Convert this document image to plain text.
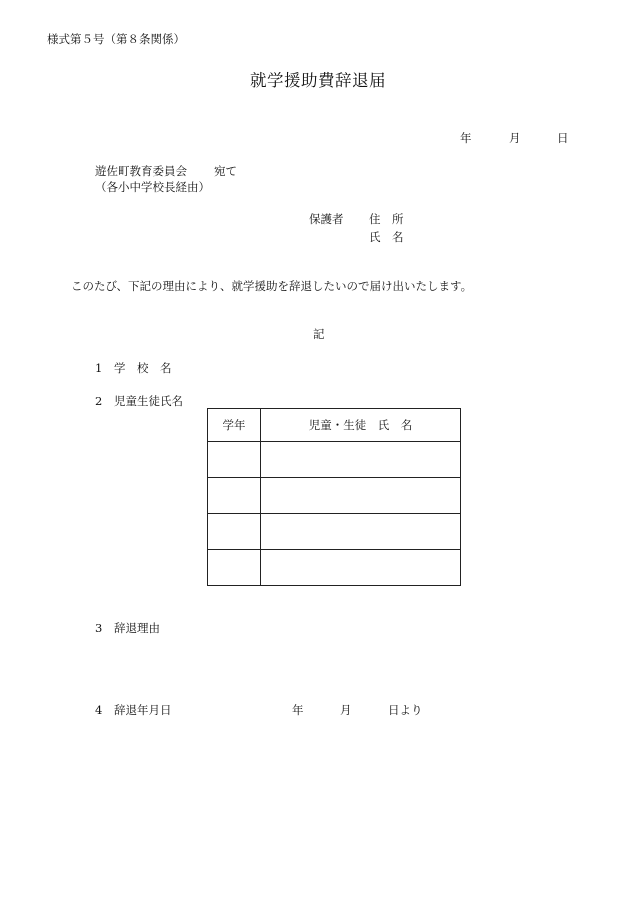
様式第５号（第８条関係）
就学援助費辞退届
年	月	日
遊佐町教育委員会 宛て
（各小中学校長経由）
保護者 住　所
氏　名
このたび、下記の理由により、就学援助を辞退したいので届け出いたします。
記
1 学　校　名
2 児童生徒氏名
学年	児童・生徒　氏　名

3 辞退理由
4 辞退年月日	年	月	日より
